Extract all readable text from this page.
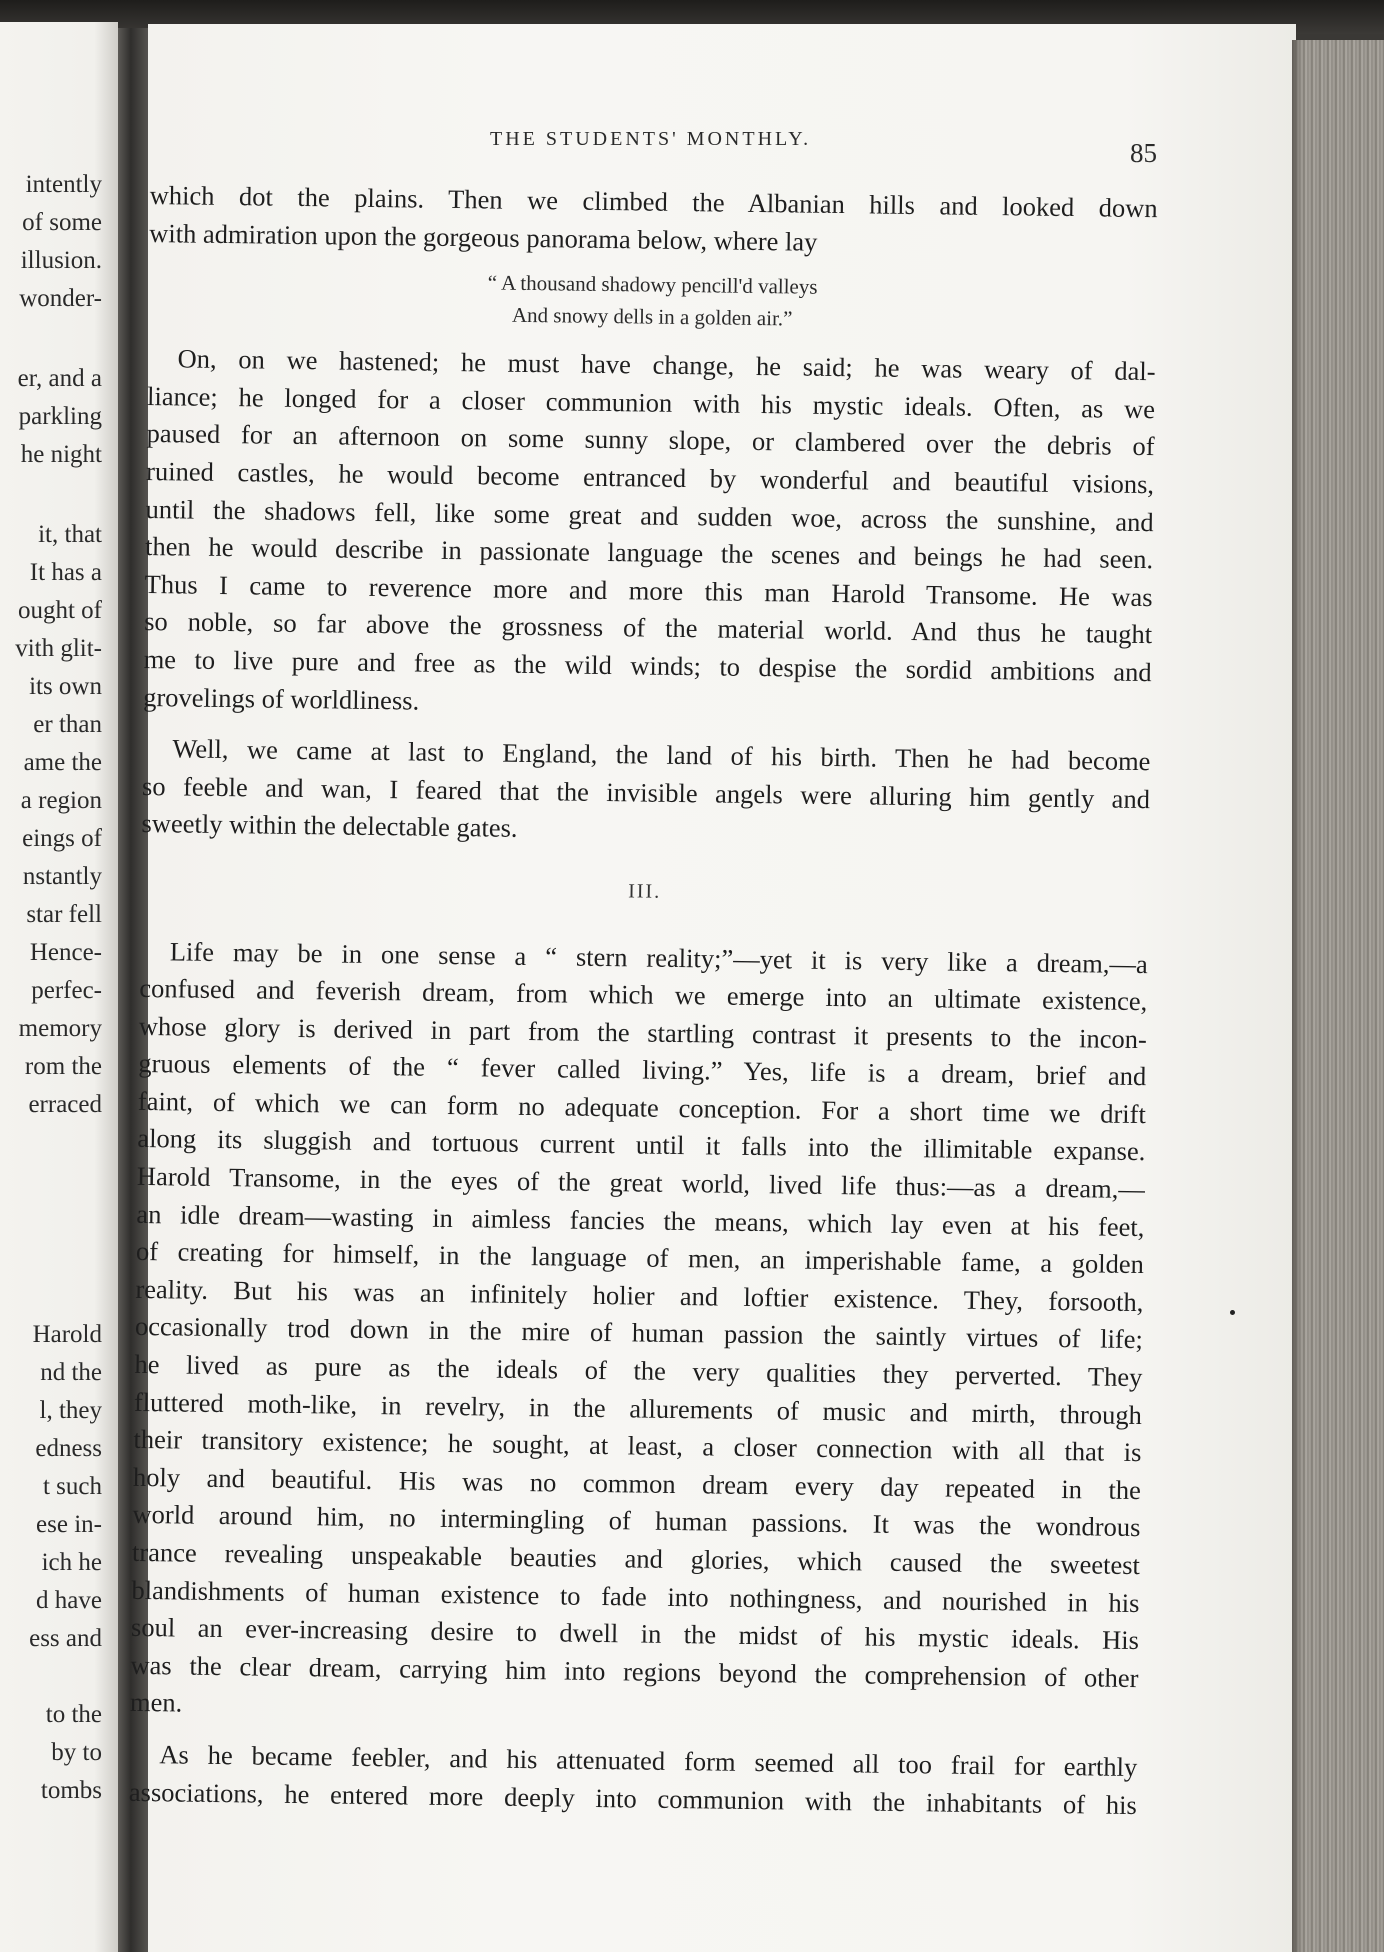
intently
of some
illusion.
wonder-
er, and a
parkling
he night
it, that
It has a
ought of
vith glit-
its own
er than
ame the
a region
eings of
nstantly
star fell
Hence-
perfec-
memory
rom the
erraced
Harold
nd the
l, they
edness
t such
ese in-
ich he
d have
ess and
to the
by to
tombs
THE STUDENTS' MONTHLY.	85
which dot the plains. Then we climbed the Albanian hills and looked down
with admiration upon the gorgeous panorama below, where lay
“ A thousand shadowy pencill'd valleys
And snowy dells in a golden air.”
On, on we hastened; he must have change, he said; he was weary of dal-
liance; he longed for a closer communion with his mystic ideals. Often, as we
paused for an afternoon on some sunny slope, or clambered over the debris of
ruined castles, he would become entranced by wonderful and beautiful visions,
until the shadows fell, like some great and sudden woe, across the sunshine, and
then he would describe in passionate language the scenes and beings he had seen.
Thus I came to reverence more and more this man Harold Transome. He was
so noble, so far above the grossness of the material world. And thus he taught
me to live pure and free as the wild winds; to despise the sordid ambitions and
grovelings of worldliness.
Well, we came at last to England, the land of his birth. Then he had become
so feeble and wan, I feared that the invisible angels were alluring him gently and
sweetly within the delectable gates.
III.
Life may be in one sense a “ stern reality;”—yet it is very like a dream,—a
confused and feverish dream, from which we emerge into an ultimate existence,
whose glory is derived in part from the startling contrast it presents to the incon-
gruous elements of the “ fever called living.” Yes, life is a dream, brief and
faint, of which we can form no adequate conception. For a short time we drift
along its sluggish and tortuous current until it falls into the illimitable expanse.
Harold Transome, in the eyes of the great world, lived life thus:—as a dream,—
an idle dream—wasting in aimless fancies the means, which lay even at his feet,
of creating for himself, in the language of men, an imperishable fame, a golden
reality. But his was an infinitely holier and loftier existence. They, forsooth,
occasionally trod down in the mire of human passion the saintly virtues of life;
he lived as pure as the ideals of the very qualities they perverted. They
fluttered moth-like, in revelry, in the allurements of music and mirth, through
their transitory existence; he sought, at least, a closer connection with all that is
holy and beautiful. His was no common dream every day repeated in the
world around him, no intermingling of human passions. It was the wondrous
trance revealing unspeakable beauties and glories, which caused the sweetest
blandishments of human existence to fade into nothingness, and nourished in his
soul an ever-increasing desire to dwell in the midst of his mystic ideals. His
was the clear dream, carrying him into regions beyond the comprehension of other
men.
As he became feebler, and his attenuated form seemed all too frail for earthly
associations, he entered more deeply into communion with the inhabitants of his
